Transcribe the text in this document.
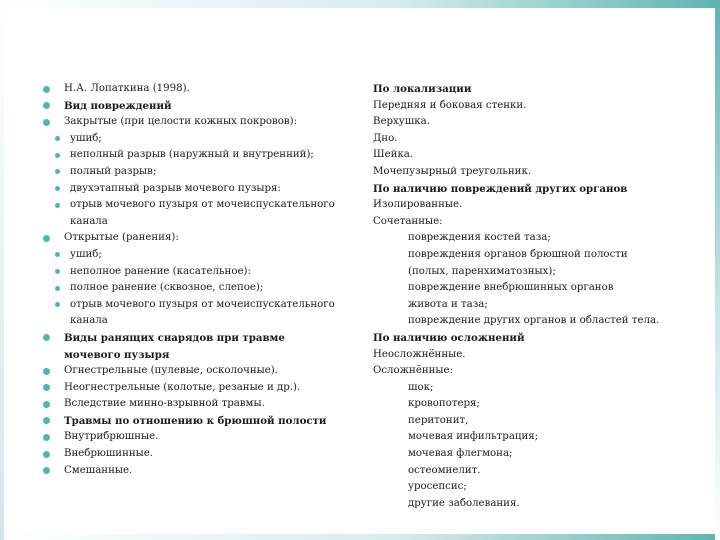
Н.А. Лопаткина (1998).
Вид повреждений
Закрытые (при целости кожных покровов):
ушиб;
неполный разрыв (наружный и внутренний);
полный разрыв;
двухэтапный разрыв мочевого пузыря:
отрыв мочевого пузыря от мочеиспускательного канала
Открытые (ранения):
ушиб;
неполное ранение (касательное):
полное ранение (сквозное, слепое);
отрыв мочевого пузыря от мочеиспускательного канала
Виды ранящих снарядов при травме мочевого пузыря
Огнестрельные (пулевые, осколочные).
Неогнестрельные (колотые, резаные и др.).
Вследствие минно-взрывной травмы.
Травмы по отношению к брюшной полости
Внутрибрюшные.
Внебрюшинные.
Смешанные.
По локализации
Передняя и боковая стенки.
Верхушка.
Дно.
Шейка.
Мочепузырный треугольник.
По наличию повреждений других органов
Изолированные.
Сочетанные:
повреждения костей таза;
повреждения органов брюшной полости
(полых, паренхиматозных);
повреждение внебрюшинных органов
живота и таза;
повреждение других органов и областей тела.
По наличию осложнений
Неосложнённые.
Осложнённые:
шок;
кровопотеря;
перитонит,
мочевая инфильтрация;
мочевая флегмона;
остеомиелит.
уросепсис;
другие заболевания.
